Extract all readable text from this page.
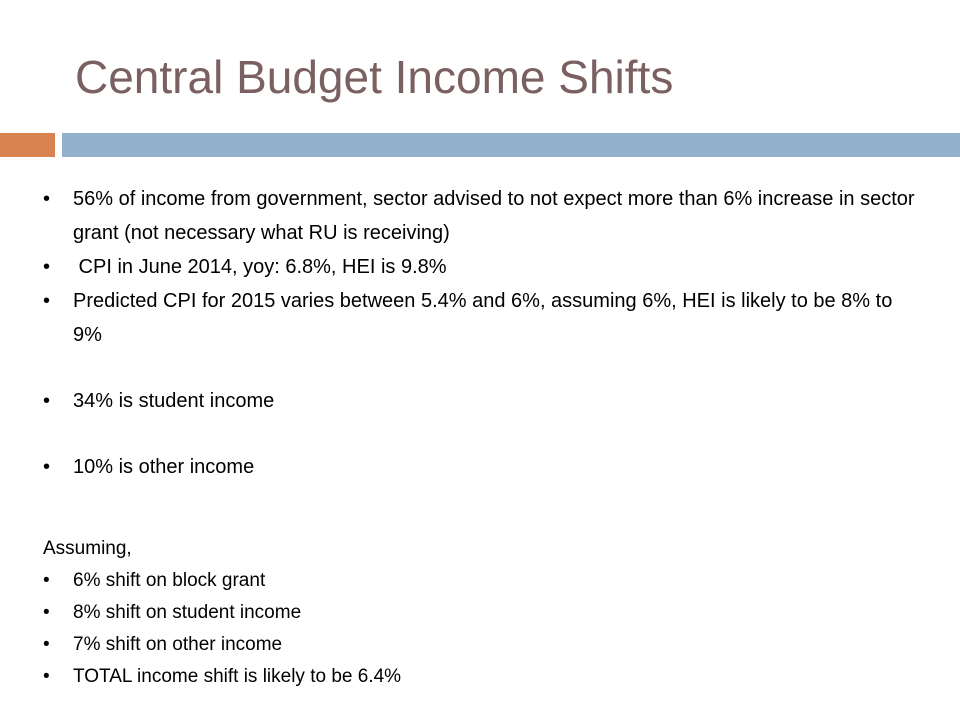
Central Budget Income Shifts
• 56% of income from government, sector advised to not expect more than 6% increase in sector grant (not necessary what RU is receiving)
•  CPI in June 2014, yoy: 6.8%, HEI is 9.8%
• Predicted CPI for 2015 varies between 5.4% and 6%, assuming 6%, HEI is likely to be 8% to 9%
• 34% is student income
• 10% is other income
Assuming,
• 6% shift on block grant
• 8% shift on student income
• 7% shift on other income
• TOTAL income shift is likely to be 6.4%
